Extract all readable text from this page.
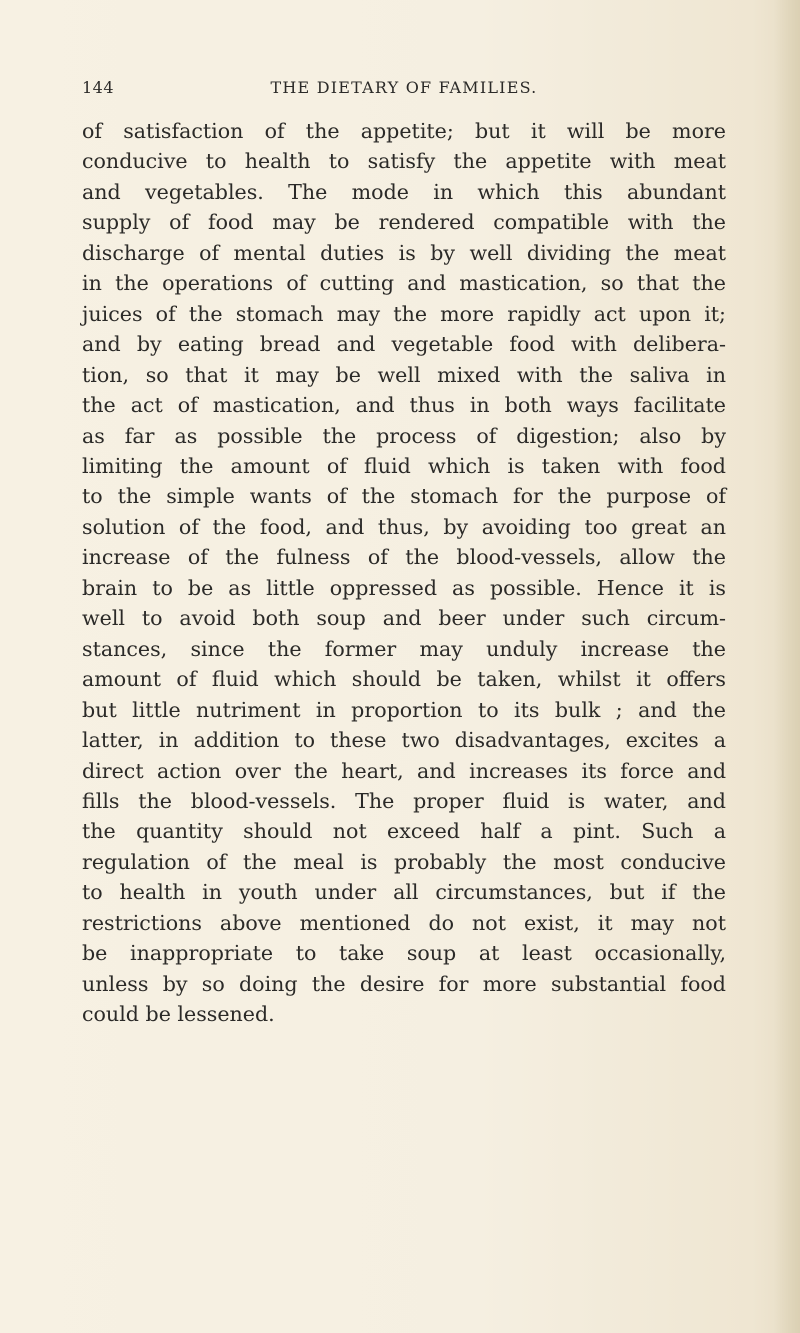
144	THE DIETARY OF FAMILIES.

of satisfaction of the appetite; but it will be more
conducive to health to satisfy the appetite with meat
and vegetables. The mode in which this abundant
supply of food may be rendered compatible with the
discharge of mental duties is by well dividing the meat
in the operations of cutting and mastication, so that the
juices of the stomach may the more rapidly act upon it;
and by eating bread and vegetable food with delibera-
tion, so that it may be well mixed with the saliva in
the act of mastication, and thus in both ways facilitate
as far as possible the process of digestion; also by
limiting the amount of fluid which is taken with food
to the simple wants of the stomach for the purpose of
solution of the food, and thus, by avoiding too great an
increase of the fulness of the blood-vessels, allow the
brain to be as little oppressed as possible. Hence it is
well to avoid both soup and beer under such circum-
stances, since the former may unduly increase the
amount of fluid which should be taken, whilst it offers
but little nutriment in proportion to its bulk ; and the
latter, in addition to these two disadvantages, excites a
direct action over the heart, and increases its force and
fills the blood-vessels. The proper fluid is water, and
the quantity should not exceed half a pint. Such a
regulation of the meal is probably the most conducive
to health in youth under all circumstances, but if the
restrictions above mentioned do not exist, it may not
be inappropriate to take soup at least occasionally,
unless by so doing the desire for more substantial food
could be lessened.
